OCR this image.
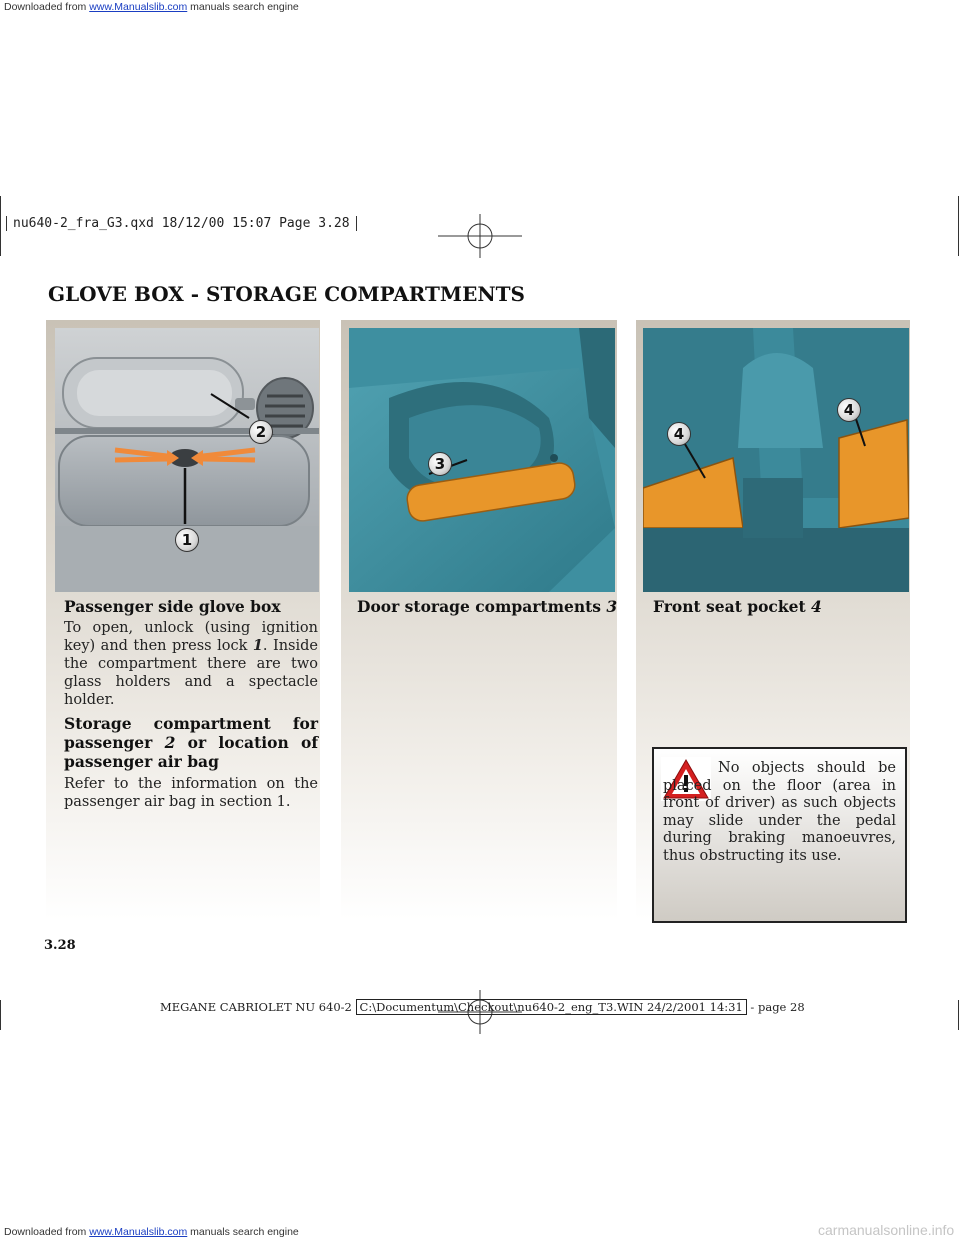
Downloaded from www.Manualslib.com manuals search engine
nu640-2_fra_G3.qxd 18/12/00 15:07 Page 3.28
GLOVE BOX - STORAGE COMPARTMENTS
2
1
3
4
4
Passenger side glove box
To open, unlock (using ignition key) and then press lock 1. Inside the compartment there are two glass holders and a spectacle holder.
Storage compartment for passenger 2 or location of passenger air bag
Refer to the information on the passenger air bag in section 1.
Door storage compartments 3 Front seat pocket 4
No objects should be placed on the floor (area in front of driver) as such objects may slide under the pedal during braking manoeuvres, thus obstructing its use.
3.28
MEGANE CABRIOLET NU 640-2 C:\Documentum\Checkout\nu640-2_eng_T3.WIN 24/2/2001 14:31 - page 28
Downloaded from www.Manualslib.com manuals search engine	carmanualsonline.info
